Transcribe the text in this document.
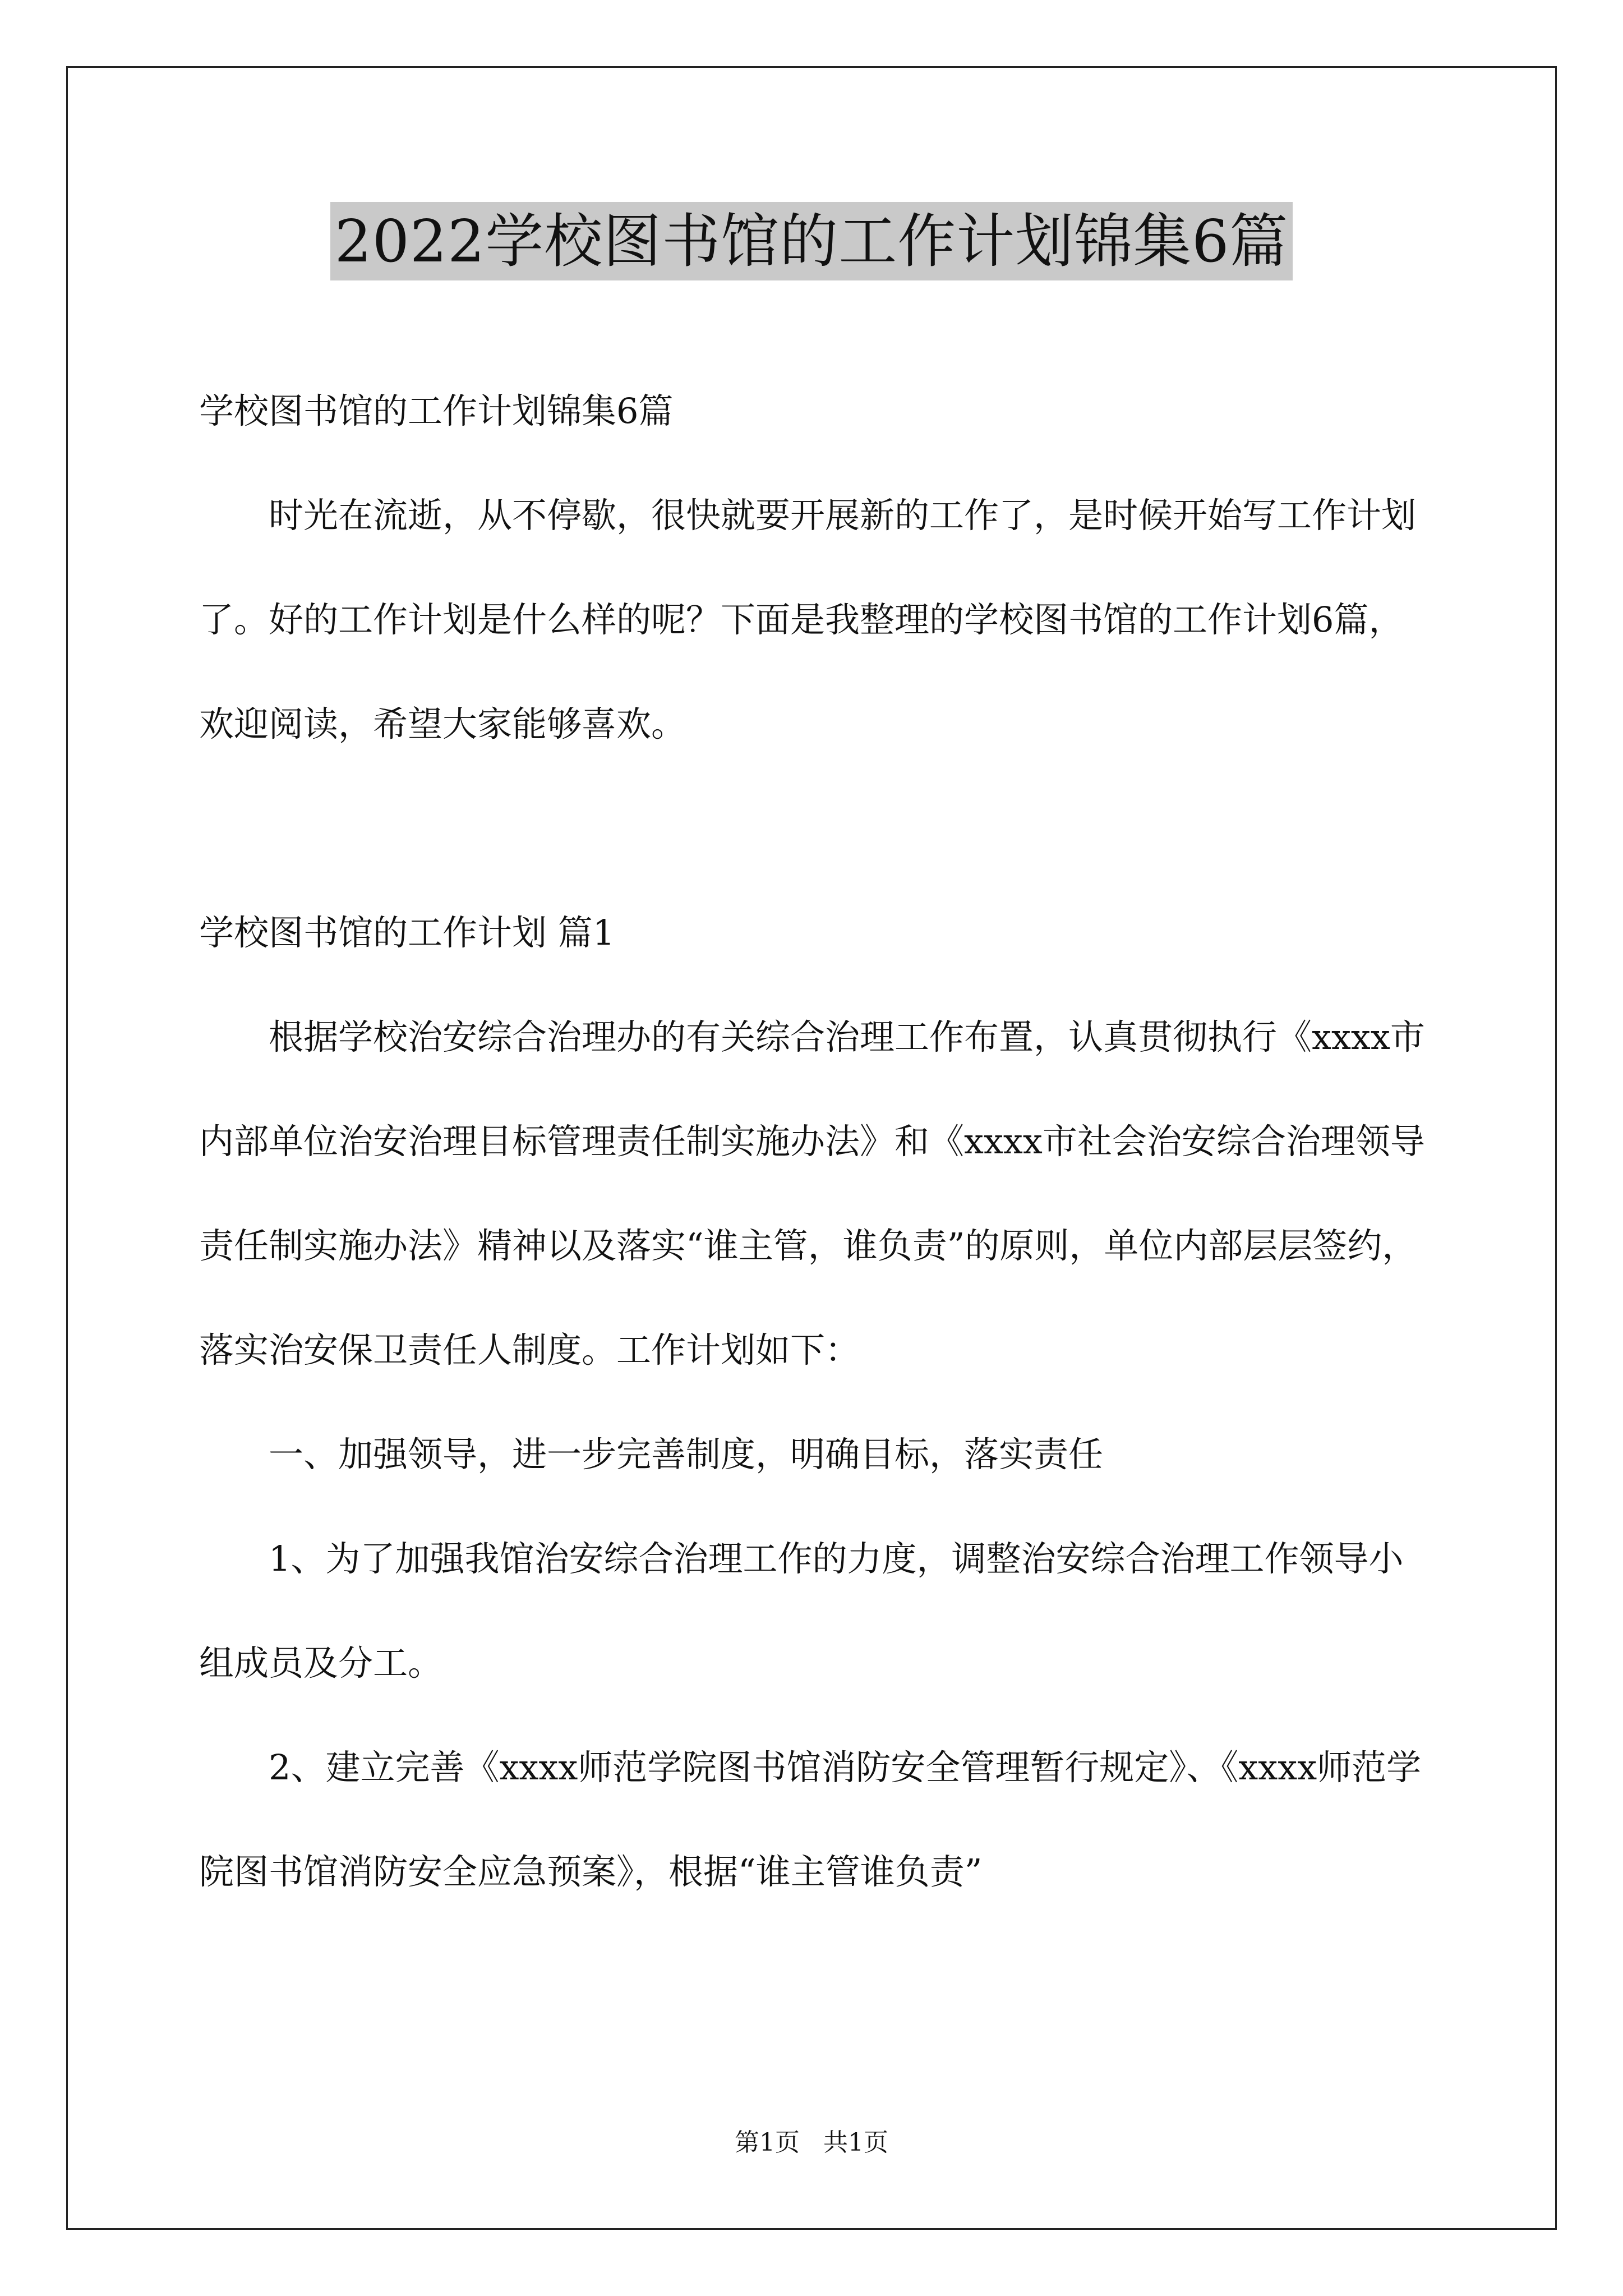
2022学校图书馆的工作计划锦集6篇

学校图书馆的工作计划锦集6篇

时光在流逝，从不停歇，很快就要开展新的工作了，是时候开始写工作计划了。好的工作计划是什么样的呢？下面是我整理的学校图书馆的工作计划6篇，欢迎阅读，希望大家能够喜欢。

学校图书馆的工作计划 篇1

根据学校治安综合治理办的有关综合治理工作布置，认真贯彻执行《xxxx市内部单位治安治理目标管理责任制实施办法》和《xxxx市社会治安综合治理领导责任制实施办法》精神以及落实“谁主管，谁负责”的原则，单位内部层层签约，落实治安保卫责任人制度。工作计划如下：

一、加强领导，进一步完善制度，明确目标，落实责任

1、为了加强我馆治安综合治理工作的力度，调整治安综合治理工作领导小组成员及分工。

2、建立完善《xxxx师范学院图书馆消防安全管理暂行规定》、《xxxx师范学院图书馆消防安全应急预案》，根据“谁主管谁负责”

第1页 共1页
